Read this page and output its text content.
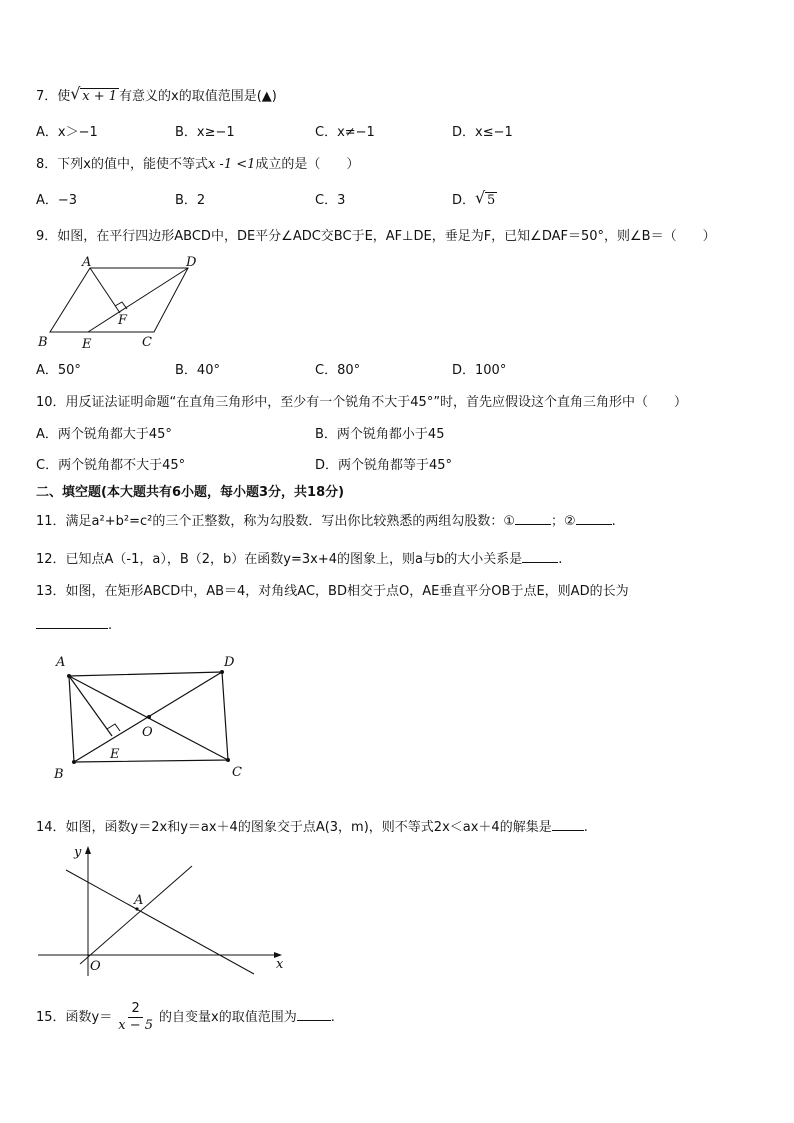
7．使 √ x + 1 有意义的x的取值范围是(▲)
A．x＞−1	B．x≥−1	C．x≠−1	D．x≤−1
8．下列x的值中，能使不等式x -1 <1成立的是（　　）
A．−3	B．2	C．3	D． √ 5
9．如图，在平行四边形ABCD中，DE平分∠ADC交BC于E，AF⊥DE，垂足为F，已知∠DAF＝50°，则∠B＝（　　）
A	D
F
B	E	C
A．50°	B．40°	C．80°	D．100°
10．用反证法证明命题“在直角三角形中，至少有一个锐角不大于45°”时，首先应假设这个直角三角形中（　　）
A．两个锐角都大于45°	B．两个锐角都小于45
C．两个锐角都不大于45°	D．两个锐角都等于45°
二、填空题(本大题共有6小题，每小题3分，共18分)
11．满足a²+b²=c²的三个正整数，称为勾股数．写出你比较熟悉的两组勾股数：①	；②	.
12．已知点A（-1，a），B（2，b）在函数y=3x+4的图象上，则a与b的大小关系是	.
13．如图，在矩形ABCD中，AB＝4，对角线AC，BD相交于点O，AE垂直平分OB于点E，则AD的长为
.
A	D
O
E
B	C
14．如图，函数y＝2x和y＝ax＋4的图象交于点A(3，m)，则不等式2x＜ax＋4的解集是 .
y
x
A
O
15．函数$y= \frac{2}{x - 5}$ 的自变量x的取值范围为	.
